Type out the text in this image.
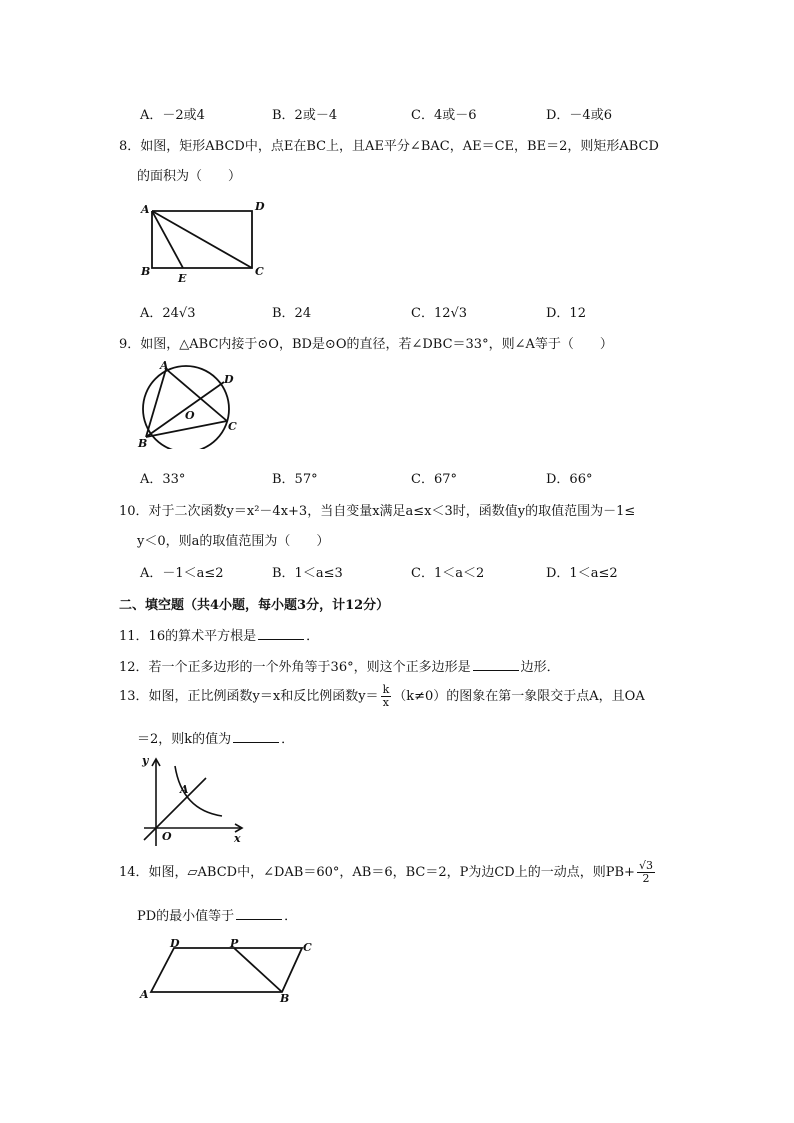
A．－2或4	B．2或－4	C．4或－6	D．－4或6
8．如图，矩形ABCD中，点E在BC上，且AE平分∠BAC，AE＝CE，BE＝2，则矩形ABCD
的面积为（　　）
A	D
B
E
C
A．24√3	B．24	C．12√3	D．12
9．如图，△ABC内接于⊙O，BD是⊙O的直径，若∠DBC＝33°，则∠A等于（　　）
A
D
O
B
C
A．33°	B．57°	C．67°	D．66°
10．对于二次函数y＝x²－4x+3，当自变量x满足a≤x＜3时，函数值y的取值范围为－1≤
y＜0，则a的取值范围为（　　）
A．－1＜a≤2	B．1＜a≤3	C．1＜a＜2	D．1＜a≤2
二、填空题（共4小题，每小题3分，计12分）
11．16的算术平方根是	．
12．若一个正多边形的一个外角等于36°，则这个正多边形是	边形．
13．如图，正比例函数y＝x和反比例函数$y= \frac{k}{x} (k\ne 0)$的图象在第一象限交于点A，且OA
＝2，则k的值为	．
y
x
O
A
14．如图，▱ABCD中，∠DAB＝60°，AB＝6，BC＝2，P为边CD上的一动点，则$PB+ \frac{√3}{2}$
PD的最小值等于	．
D	P	C
A	B
